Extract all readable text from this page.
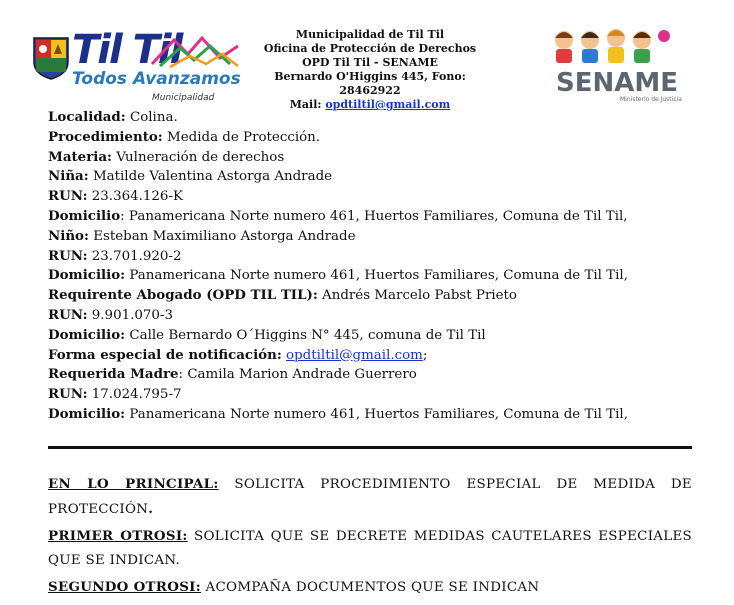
Til Til
Todos Avanzamos
Municipalidad
Municipalidad de Til Til
Oficina de Protección de Derechos
OPD Til Til - SENAME
Bernardo O'Higgins 445, Fono: 28462922
Mail: opdtiltil@gmail.com
SENAME
Ministerio de Justicia
Localidad: Colina.
Procedimiento: Medida de Protección.
Materia: Vulneración de derechos
Niña: Matilde Valentina Astorga Andrade
RUN: 23.364.126-K
Domicilio: Panamericana Norte numero 461, Huertos Familiares, Comuna de Til Til,
Niño: Esteban Maximiliano Astorga Andrade
RUN: 23.701.920-2
Domicilio: Panamericana Norte numero 461, Huertos Familiares, Comuna de Til Til,
Requirente Abogado (OPD TIL TIL): Andrés Marcelo Pabst Prieto
RUN: 9.901.070-3
Domicilio: Calle Bernardo O´Higgins N° 445, comuna de Til Til
Forma especial de notificación: opdtiltil@gmail.com;
Requerida Madre: Camila Marion Andrade Guerrero
RUN: 17.024.795-7
Domicilio: Panamericana Norte numero 461, Huertos Familiares, Comuna de Til Til,
EN LO PRINCIPAL: SOLICITA PROCEDIMIENTO ESPECIAL DE MEDIDA DE
PROTECCIÓN.
PRIMER OTROSI: SOLICITA QUE SE DECRETE MEDIDAS CAUTELARES ESPECIALES
QUE SE INDICAN.
SEGUNDO OTROSI: ACOMPAÑA DOCUMENTOS QUE SE INDICAN
